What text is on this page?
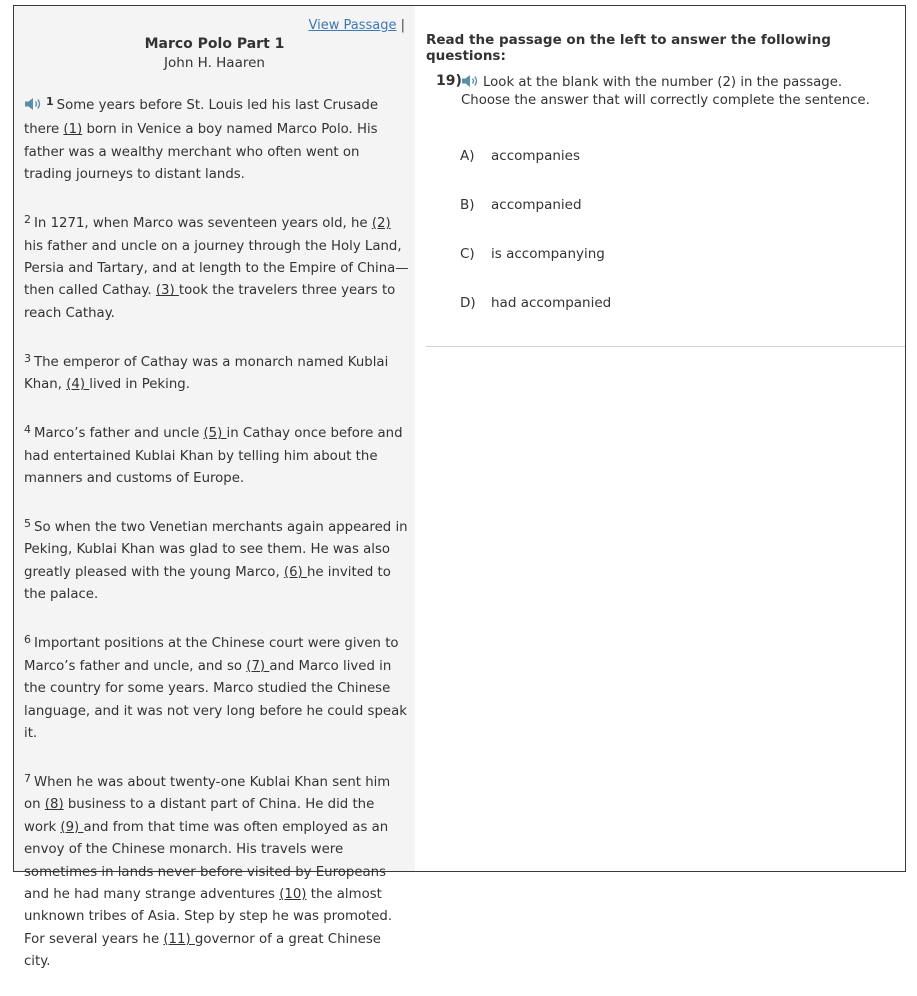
View Passage |
Marco Polo Part 1
John H. Haaren

$^1$ Some years before St. Louis led his last Crusade there (1) born in Venice a boy named Marco Polo. His father was a wealthy merchant who often went on trading journeys to distant lands.

$^2$ In 1271, when Marco was seventeen years old, he (2) his father and uncle on a journey through the Holy Land, Persia and Tartary, and at length to the Empire of China—then called Cathay. (3) took the travelers three years to reach Cathay.

$^3$ The emperor of Cathay was a monarch named Kublai Khan, (4) lived in Peking.

$^4$ Marco’s father and uncle (5) in Cathay once before and had entertained Kublai Khan by telling him about the manners and customs of Europe.

$^5$ So when the two Venetian merchants again appeared in Peking, Kublai Khan was glad to see them. He was also greatly pleased with the young Marco, (6) he invited to the palace.

$^6$ Important positions at the Chinese court were given to Marco’s father and uncle, and so (7) and Marco lived in the country for some years. Marco studied the Chinese language, and it was not very long before he could speak it.

$^7$ When he was about twenty-one Kublai Khan sent him on (8) business to a distant part of China. He did the work (9) and from that time was often employed as an envoy of the Chinese monarch. His travels were sometimes in lands never before visited by Europeans and he had many strange adventures (10) the almost unknown tribes of Asia. Step by step he was promoted. For several years he (11) governor of a great Chinese city.

Read the passage on the left to answer the following questions:
19)	Look at the blank with the number (2) in the passage. Choose the answer that will correctly complete the sentence.
A) accompanies
B) accompanied
C) is accompanying
D) had accompanied
